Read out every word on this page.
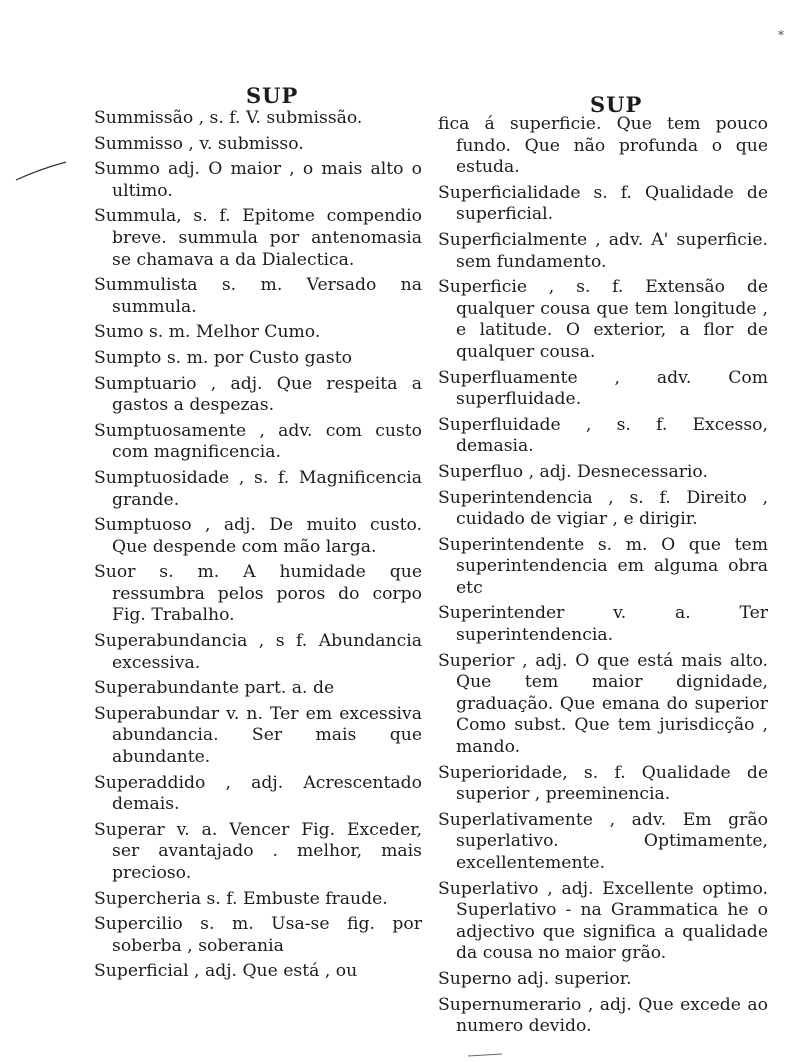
*
SUP	SUP
Summissão , s. f. V. submissão.
Summisso , v. submisso.
Summo adj. O maior , o mais alto o ultimo.
Summula, s. f. Epitome compendio breve. summula por antenomasia se chamava a da Dialectica.
Summulista s. m. Versado na summula.
Sumo s. m. Melhor Cumo.
Sumpto s. m. por Custo gasto
Sumptuario , adj. Que respeita a gastos a despezas.
Sumptuosamente , adv. com custo com magnificencia.
Sumptuosidade , s. f. Magnificencia grande.
Sumptuoso , adj. De muito custo. Que despende com mão larga.
Suor s. m. A humidade que ressumbra pelos poros do corpo Fig. Trabalho.
Superabundancia , s f. Abundancia excessiva.
Superabundante part. a. de
Superabundar v. n. Ter em excessiva abundancia. Ser mais que abundante.
Superaddido , adj. Acrescentado demais.
Superar v. a. Vencer Fig. Exceder, ser avantajado . melhor, mais precioso.
Supercheria s. f. Embuste fraude.
Supercilio s. m. Usa-se fig. por soberba , soberania
Superficial , adj. Que está , ou
fica á superficie. Que tem pouco fundo. Que não profunda o que estuda.
Superficialidade s. f. Qualidade de superficial.
Superficialmente , adv. A' superficie. sem fundamento.
Superficie , s. f. Extensão de qualquer cousa que tem longitude , e latitude. O exterior, a flor de qualquer cousa.
Superfluamente , adv. Com superfluidade.
Superfluidade , s. f. Excesso, demasia.
Superfluo , adj. Desnecessario.
Superintendencia , s. f. Direito , cuidado de vigiar , e dirigir.
Superintendente s. m. O que tem superintendencia em alguma obra etc
Superintender v. a. Ter superintendencia.
Superior , adj. O que está mais alto. Que tem maior dignidade, graduação. Que emana do superior Como subst. Que tem jurisdicção , mando.
Superioridade, s. f. Qualidade de superior , preeminencia.
Superlativamente , adv. Em grão superlativo. Optimamente, excellentemente.
Superlativo , adj. Excellente optimo. Superlativo - na Grammatica he o adjectivo que significa a qualidade da cousa no maior grão.
Superno adj. superior.
Supernumerario , adj. Que excede ao numero devido.
